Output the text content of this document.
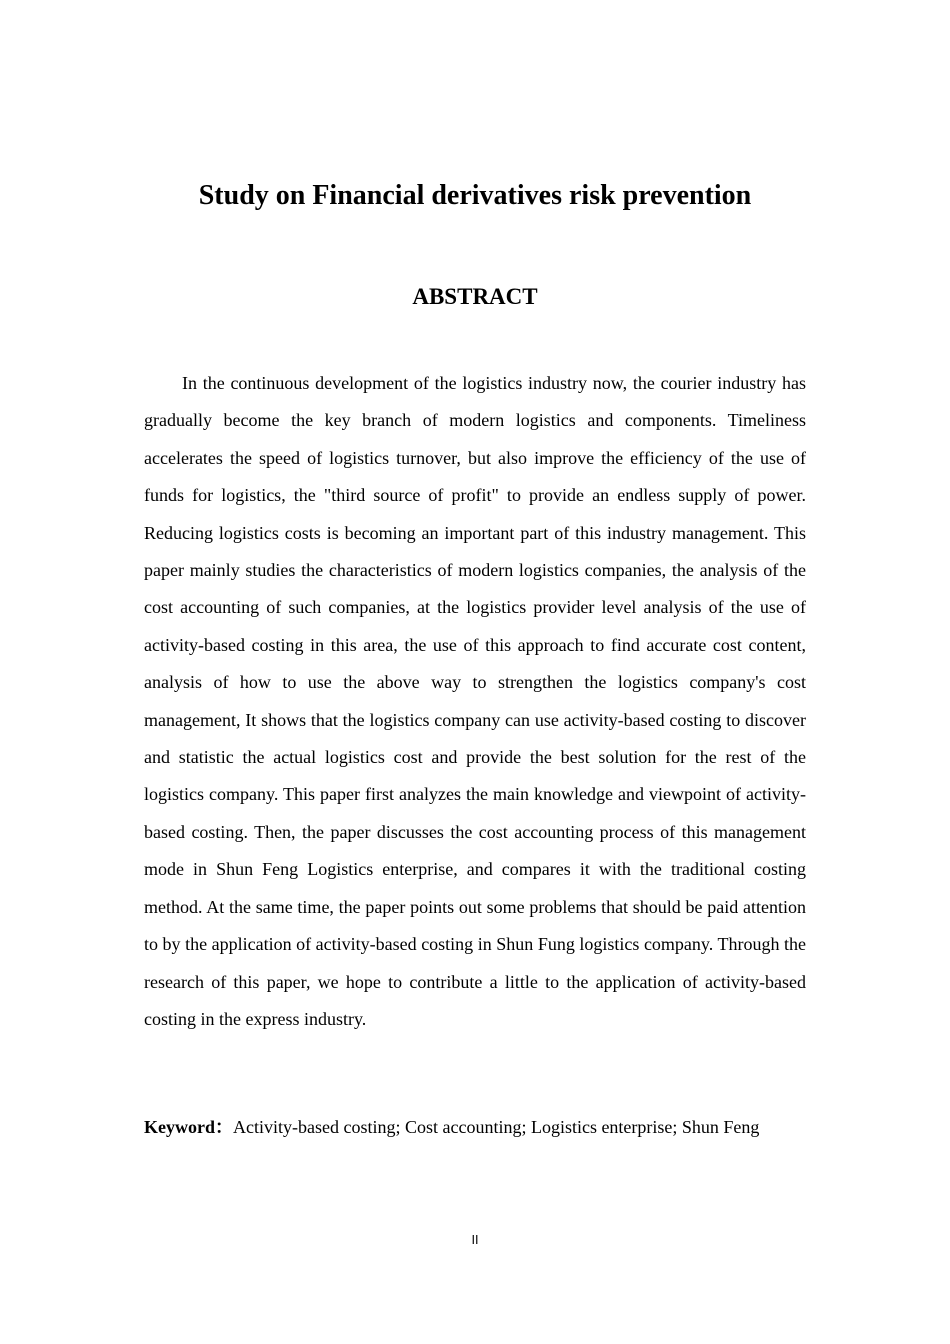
Study on Financial derivatives risk prevention
ABSTRACT

In the continuous development of the logistics industry now, the courier industry has gradually become the key branch of modern logistics and components. Timeliness accelerates the speed of logistics turnover, but also improve the efficiency of the use of funds for logistics, the "third source of profit" to provide an endless supply of power. Reducing logistics costs is becoming an important part of this industry management. This paper mainly studies the characteristics of modern logistics companies, the analysis of the cost accounting of such companies, at the logistics provider level analysis of the use of activity-based costing in this area, the use of this approach to find accurate cost content, analysis of how to use the above way to strengthen the logistics company's cost management, It shows that the logistics company can use activity-based costing to discover and statistic the actual logistics cost and provide the best solution for the rest of the logistics company. This paper first analyzes the main knowledge and viewpoint of activity-based costing. Then, the paper discusses the cost accounting process of this management mode in Shun Feng Logistics enterprise, and compares it with the traditional costing method. At the same time, the paper points out some problems that should be paid attention to by the application of activity-based costing in Shun Fung logistics company. Through the research of this paper, we hope to contribute a little to the application of activity-based costing in the express industry.

Keyword：Activity-based costing; Cost accounting; Logistics enterprise; Shun Feng

II
